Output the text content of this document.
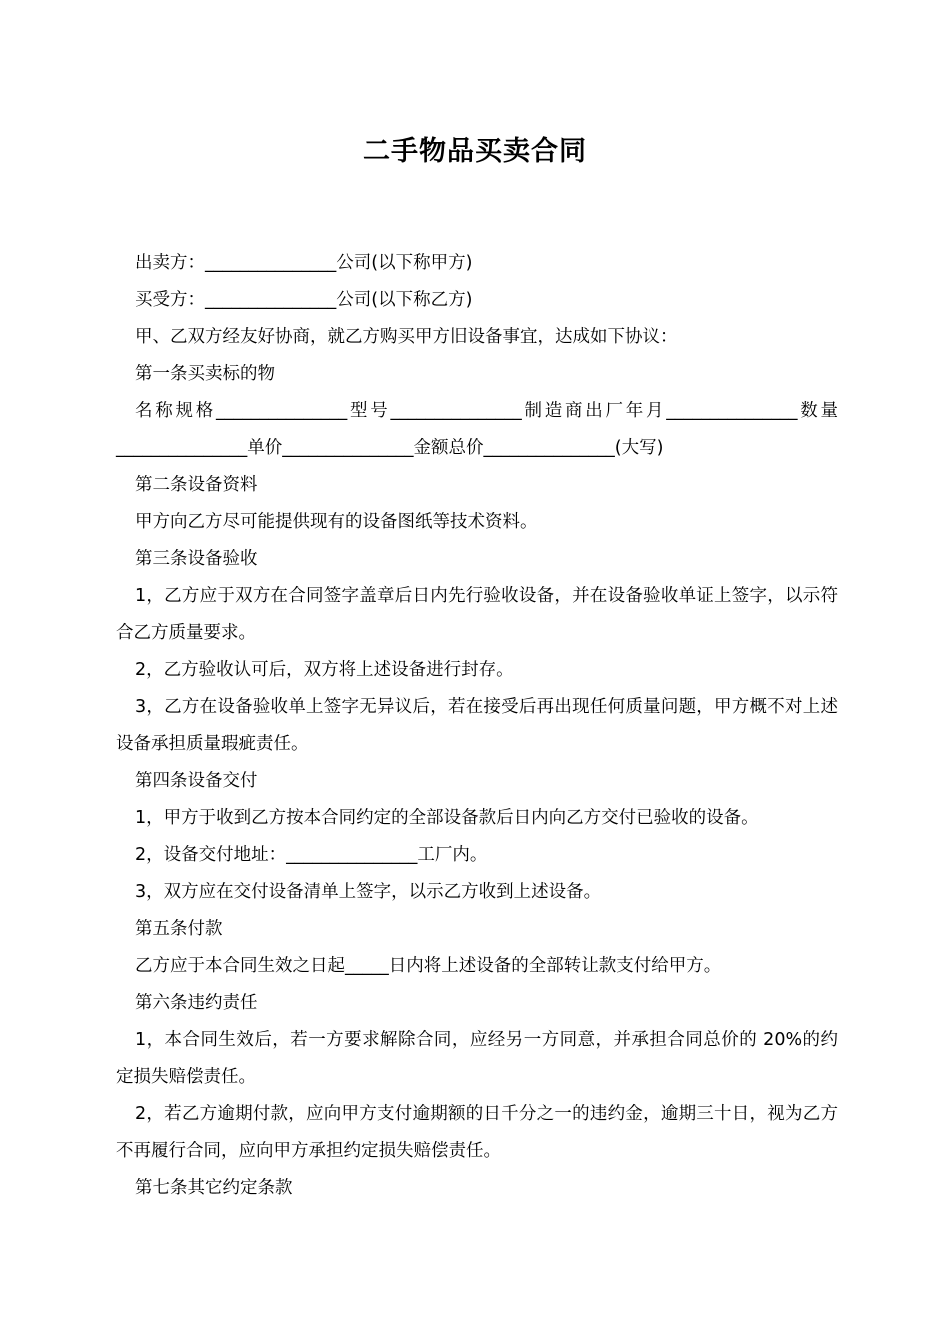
二手物品买卖合同

出卖方：_______________公司(以下称甲方)

买受方：_______________公司(以下称乙方)

甲、乙双方经友好协商，就乙方购买甲方旧设备事宜，达成如下协议：

第一条买卖标的物

名称规格_______________型号_______________制造商出厂年月_______________数量_______________单价_______________金额总价_______________(大写)

第二条设备资料

甲方向乙方尽可能提供现有的设备图纸等技术资料。

第三条设备验收

1，乙方应于双方在合同签字盖章后日内先行验收设备，并在设备验收单证上签字，以示符合乙方质量要求。

2，乙方验收认可后，双方将上述设备进行封存。

3，乙方在设备验收单上签字无异议后，若在接受后再出现任何质量问题，甲方概不对上述设备承担质量瑕疵责任。

第四条设备交付

1，甲方于收到乙方按本合同约定的全部设备款后日内向乙方交付已验收的设备。

2，设备交付地址：_______________工厂内。

3，双方应在交付设备清单上签字，以示乙方收到上述设备。

第五条付款

乙方应于本合同生效之日起_____日内将上述设备的全部转让款支付给甲方。

第六条违约责任

1，本合同生效后，若一方要求解除合同，应经另一方同意，并承担合同总价的 20%的约定损失赔偿责任。

2，若乙方逾期付款，应向甲方支付逾期额的日千分之一的违约金，逾期三十日，视为乙方不再履行合同，应向甲方承担约定损失赔偿责任。

第七条其它约定条款
